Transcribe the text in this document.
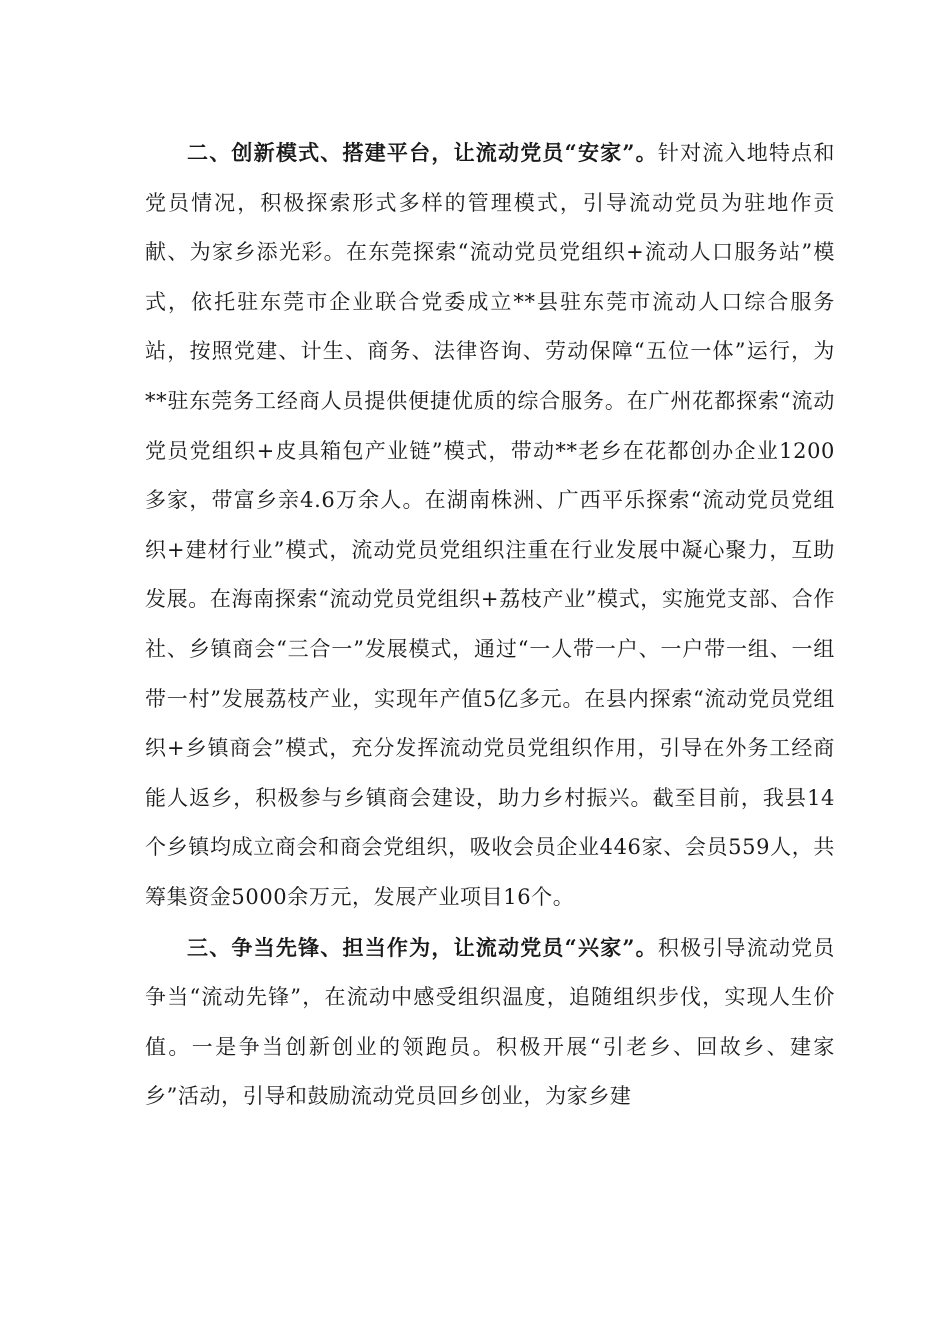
二、创新模式、搭建平台，让流动党员“安家”。针对流入地特点和党员情况，积极探索形式多样的管理模式，引导流动党员为驻地作贡献、为家乡添光彩。在东莞探索“流动党员党组织+流动人口服务站”模式，依托驻东莞市企业联合党委成立**县驻东莞市流动人口综合服务站，按照党建、计生、商务、法律咨询、劳动保障“五位一体”运行，为**驻东莞务工经商人员提供便捷优质的综合服务。在广州花都探索“流动党员党组织+皮具箱包产业链”模式，带动**老乡在花都创办企业1200多家，带富乡亲4.6万余人。在湖南株洲、广西平乐探索“流动党员党组织+建材行业”模式，流动党员党组织注重在行业发展中凝心聚力，互助发展。在海南探索“流动党员党组织+荔枝产业”模式，实施党支部、合作社、乡镇商会“三合一”发展模式，通过“一人带一户、一户带一组、一组带一村”发展荔枝产业，实现年产值5亿多元。在县内探索“流动党员党组织+乡镇商会”模式，充分发挥流动党员党组织作用，引导在外务工经商能人返乡，积极参与乡镇商会建设，助力乡村振兴。截至目前，我县14个乡镇均成立商会和商会党组织，吸收会员企业446家、会员559人，共筹集资金5000余万元，发展产业项目16个。

三、争当先锋、担当作为，让流动党员“兴家”。积极引导流动党员争当“流动先锋”，在流动中感受组织温度，追随组织步伐，实现人生价值。一是争当创新创业的领跑员。积极开展“引老乡、回故乡、建家乡”活动，引导和鼓励流动党员回乡创业，为家乡建
